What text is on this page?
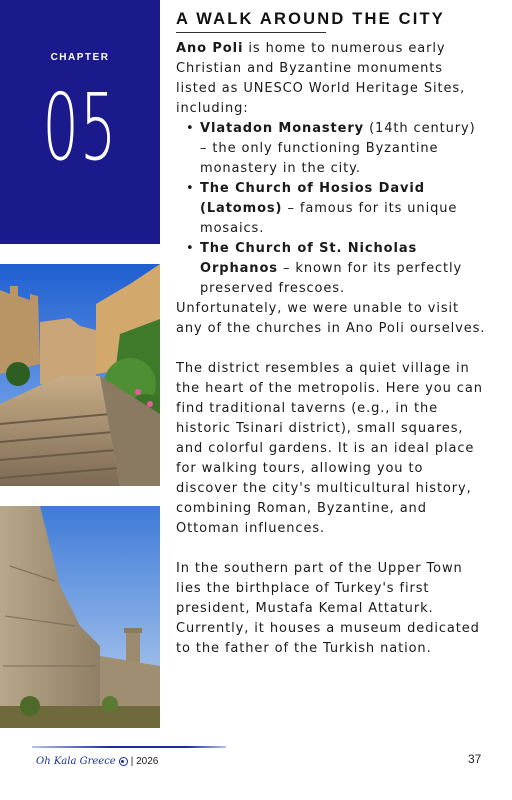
CHAPTER
05
A WALK AROUND THE CITY

Ano Poli is home to numerous early Christian and Byzantine monuments listed as UNESCO World Heritage Sites, including:

• Vlatadon Monastery (14th century) – the only functioning Byzantine monastery in the city.
• The Church of Hosios David (Latomos) – famous for its unique mosaics.
• The Church of St. Nicholas Orphanos – known for its perfectly preserved frescoes.

Unfortunately, we were unable to visit any of the churches in Ano Poli ourselves.

The district resembles a quiet village in the heart of the metropolis. Here you can find traditional taverns (e.g., in the historic Tsinari district), small squares, and colorful gardens. It is an ideal place for walking tours, allowing you to discover the city's multicultural history, combining Roman, Byzantine, and Ottoman influences.

In the southern part of the Upper Town lies the birthplace of Turkey's first president, Mustafa Kemal Attaturk. Currently, it houses a museum dedicated to the father of the Turkish nation.

Oh Kala Greece | 2026	37
